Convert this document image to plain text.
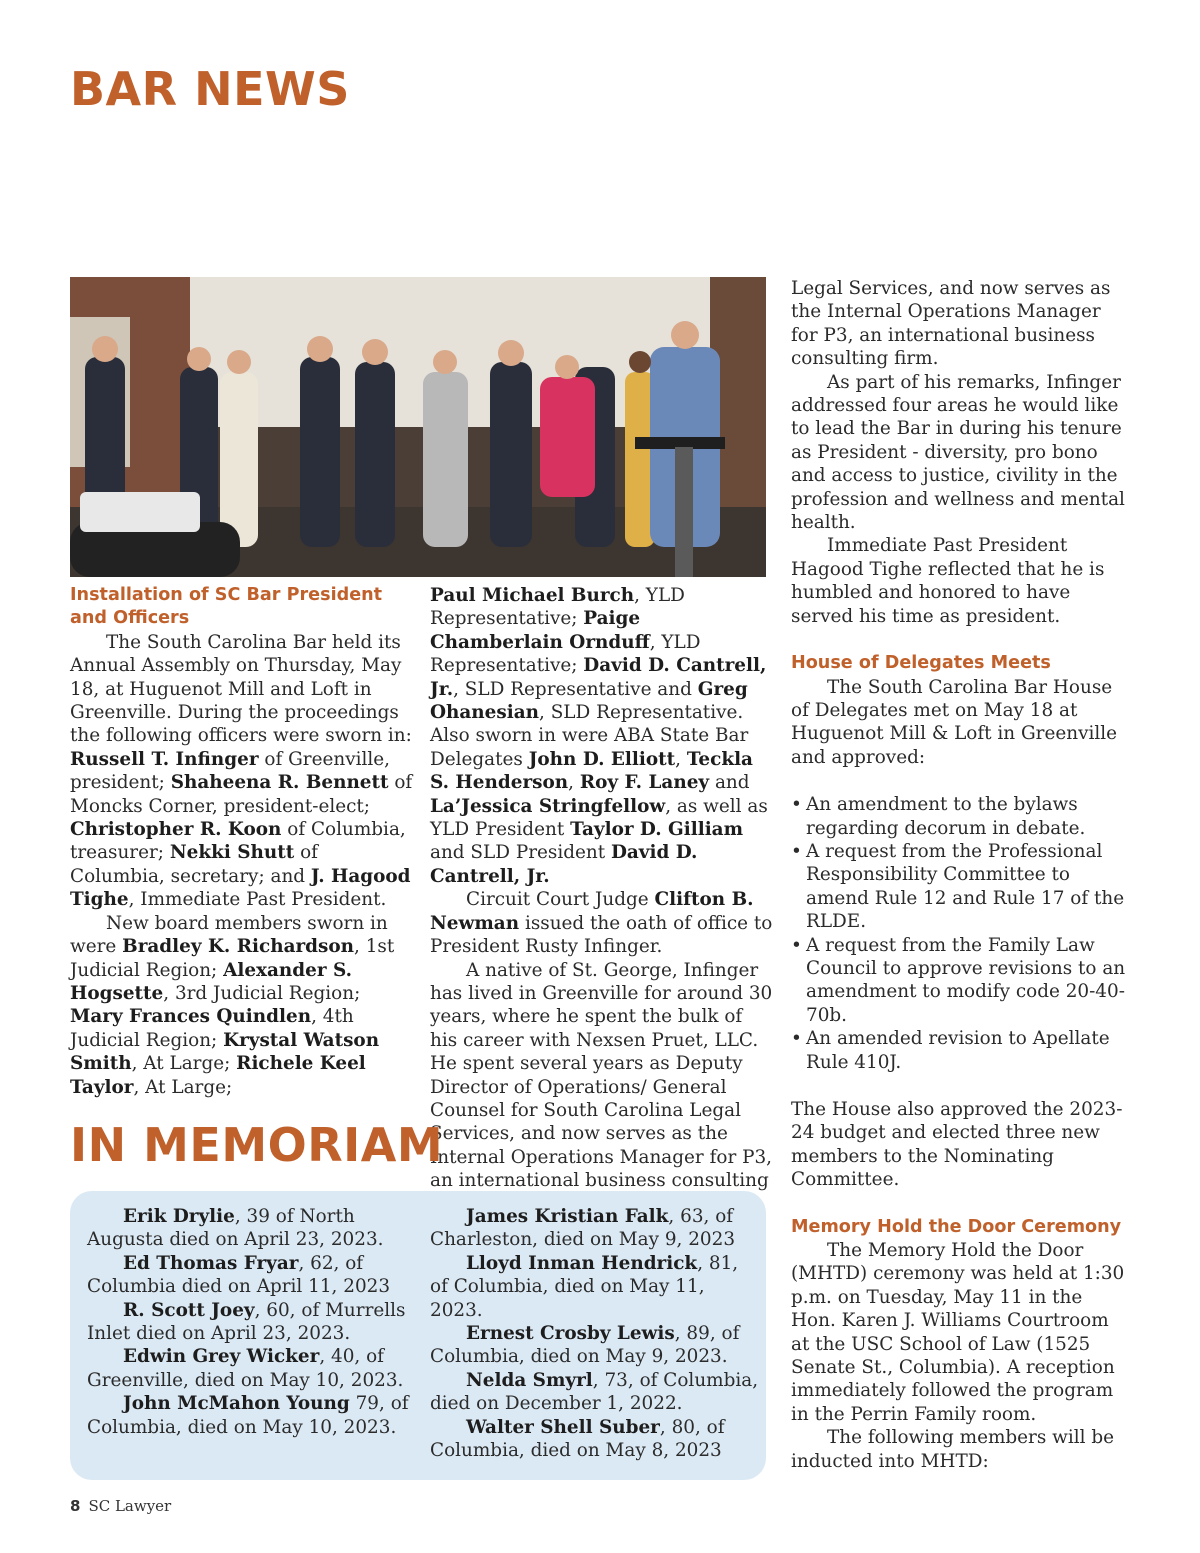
BAR NEWS
Installation of SC Bar President and Officers

The South Carolina Bar held its Annual Assembly on Thursday, May 18, at Huguenot Mill and Loft in Greenville. During the proceedings the following officers were sworn in: Russell T. Infinger of Greenville, president; Shaheena R. Bennett of Moncks Corner, president-elect; Christopher R. Koon of Columbia, treasurer; Nekki Shutt of Columbia, secretary; and J. Hagood Tighe, Immediate Past President.

New board members sworn in were Bradley K. Richardson, 1st Judicial Region; Alexander S. Hogsette, 3rd Judicial Region; Mary Frances Quindlen, 4th Judicial Region; Krystal Watson Smith, At Large; Richele Keel Taylor, At Large;

Paul Michael Burch, YLD Representative; Paige Chamberlain Ornduff, YLD Representative; David D. Cantrell, Jr., SLD Representative and Greg Ohanesian, SLD Representative. Also sworn in were ABA State Bar Delegates John D. Elliott, Teckla S. Henderson, Roy F. Laney and La’Jessica Stringfellow, as well as YLD President Taylor D. Gilliam and SLD President David D. Cantrell, Jr.

Circuit Court Judge Clifton B. Newman issued the oath of office to President Rusty Infinger.

A native of St. George, Infinger has lived in Greenville for around 30 years, where he spent the bulk of his career with Nexsen Pruet, LLC. He spent several years as Deputy Director of Operations/ General Counsel for South Carolina Legal Services, and now serves as the Internal Operations Manager for P3, an international business consulting

Legal Services, and now serves as the Internal Operations Manager for P3, an international business consulting firm.

As part of his remarks, Infinger addressed four areas he would like to lead the Bar in during his tenure as President - diversity, pro bono and access to justice, civility in the profession and wellness and mental health.

Immediate Past President Hagood Tighe reflected that he is humbled and honored to have served his time as president.

House of Delegates Meets

The South Carolina Bar House of Delegates met on May 18 at Huguenot Mill & Loft in Greenville and approved:

• An amendment to the bylaws regarding decorum in debate.
• A request from the Professional Responsibility Committee to amend Rule 12 and Rule 17 of the RLDE.
• A request from the Family Law Council to approve revisions to an amendment to modify code 20-40-70b.
• An amended revision to Apellate Rule 410J.

The House also approved the 2023-24 budget and elected three new members to the Nominating Committee.

Memory Hold the Door Ceremony

The Memory Hold the Door (MHTD) ceremony was held at 1:30 p.m. on Tuesday, May 11 in the Hon. Karen J. Williams Courtroom at the USC School of Law (1525 Senate St., Columbia). A reception immediately followed the program in the Perrin Family room.

The following members will be inducted into MHTD:

IN MEMORIAM

Erik Drylie, 39 of North Augusta died on April 23, 2023.

Ed Thomas Fryar, 62, of Columbia died on April 11, 2023

R. Scott Joey, 60, of Murrells Inlet died on April 23, 2023.

Edwin Grey Wicker, 40, of Greenville, died on May 10, 2023.

John McMahon Young 79, of Columbia, died on May 10, 2023.

James Kristian Falk, 63, of Charleston, died on May 9, 2023

Lloyd Inman Hendrick, 81, of Columbia, died on May 11, 2023.

Ernest Crosby Lewis, 89, of Columbia, died on May 9, 2023.

Nelda Smyrl, 73, of Columbia, died on December 1, 2022.

Walter Shell Suber, 80, of Columbia, died on May 8, 2023

8 SC Lawyer
